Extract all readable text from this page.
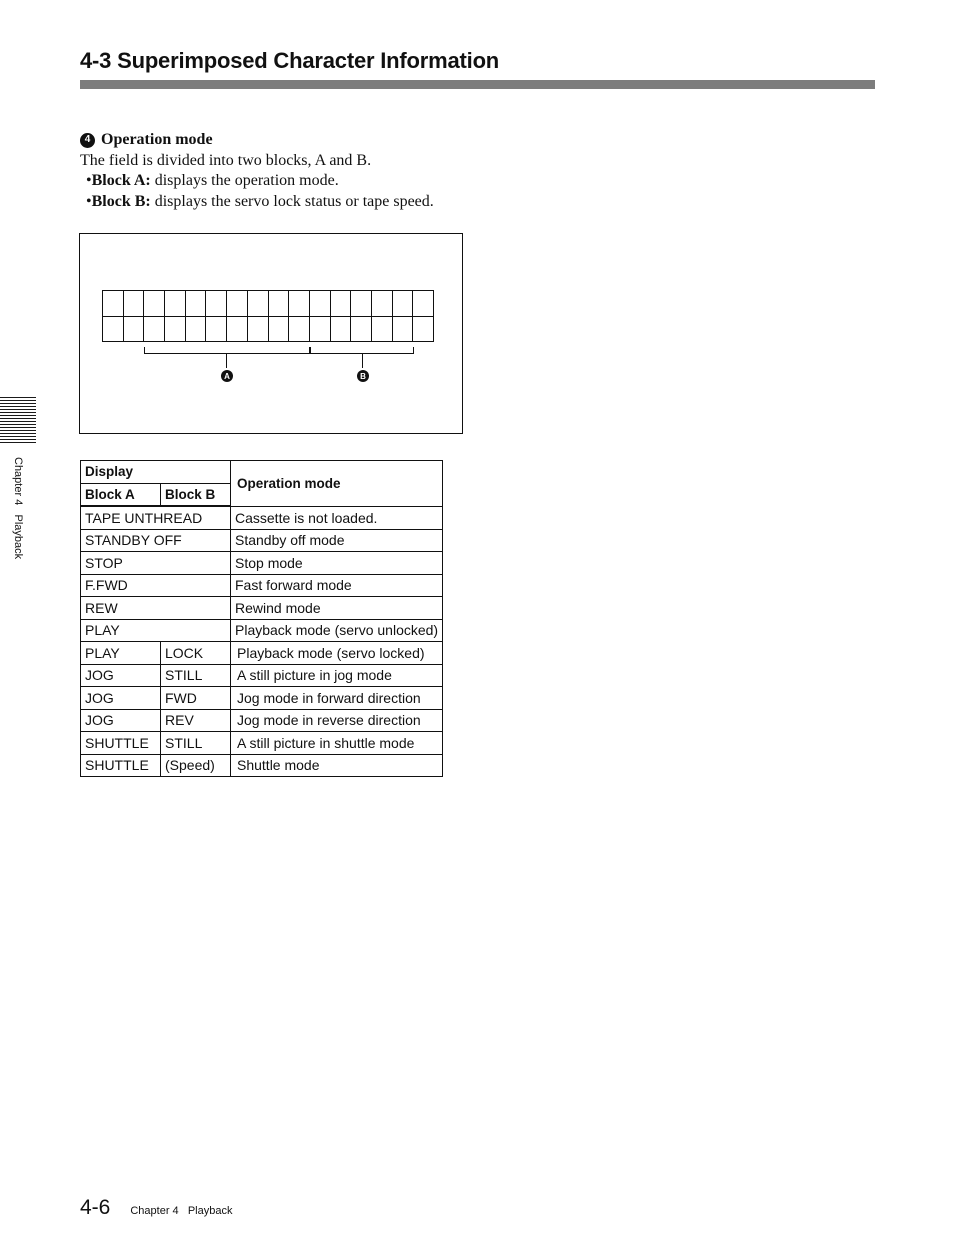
4-3 Superimposed Character Information
Chapter 4   Playback
4 Operation mode
The field is divided into two blocks, A and B.
•Block A: displays the operation mode.
•Block B: displays the servo lock status or tape speed.

A	B
Display		Operation mode
Block A	Block B	
TAPE UNTHREAD		Cassette is not loaded.
STANDBY OFF		Standby off mode
STOP		Stop mode
F.FWD		Fast forward mode
REW		Rewind mode
PLAY		Playback mode (servo unlocked)
PLAY	LOCK	Playback mode (servo locked)
JOG	STILL	A still picture in jog mode
JOG	FWD	Jog mode in forward direction
JOG	REV	Jog mode in reverse direction
SHUTTLE	STILL	A still picture in shuttle mode
SHUTTLE	(Speed)	Shuttle mode
4-6 Chapter 4   Playback
